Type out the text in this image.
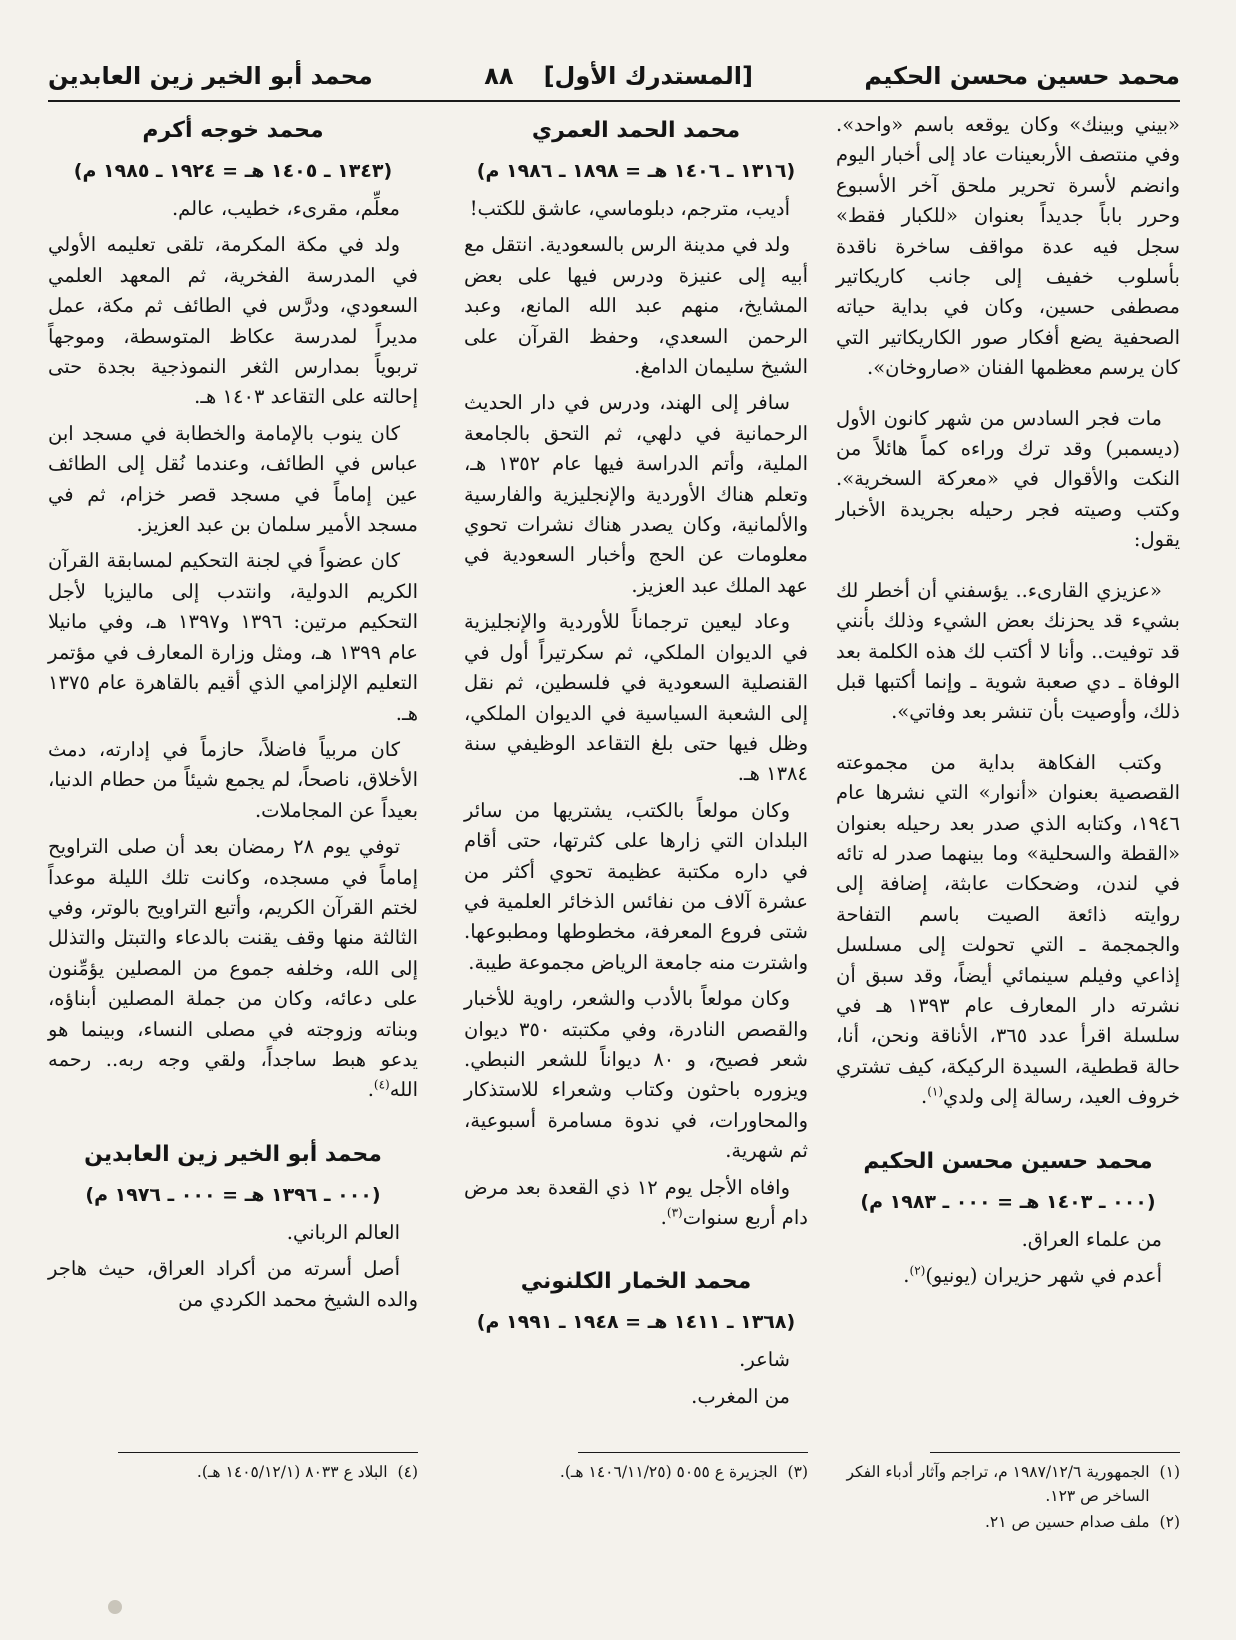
محمد حسين محسن الحكيم
[المستدرك الأول]
٨٨
محمد أبو الخير زين العابدين

«بيني وبينك» وكان يوقعه باسم «واحد». وفي منتصف الأربعينات عاد إلى أخبار اليوم وانضم لأسرة تحرير ملحق آخر الأسبوع وحرر باباً جديداً بعنوان «للكبار فقط» سجل فيه عدة مواقف ساخرة ناقدة بأسلوب خفيف إلى جانب كاريكاتير مصطفى حسين، وكان في بداية حياته الصحفية يضع أفكار صور الكاريكاتير التي كان يرسم معظمها الفنان «صاروخان».

مات فجر السادس من شهر كانون الأول (ديسمبر) وقد ترك وراءه كماً هائلاً من النكت والأقوال في «معركة السخرية». وكتب وصيته فجر رحيله بجريدة الأخبار يقول:

«عزيزي القارىء.. يؤسفني أن أخطر لك بشيء قد يحزنك بعض الشيء وذلك بأنني قد توفيت.. وأنا لا أكتب لك هذه الكلمة بعد الوفاة ـ دي صعبة شوية ـ وإنما أكتبها قبل ذلك، وأوصيت بأن تنشر بعد وفاتي».

وكتب الفكاهة بداية من مجموعته القصصية بعنوان «أنوار» التي نشرها عام ١٩٤٦، وكتابه الذي صدر بعد رحيله بعنوان «القطة والسحلية» وما بينهما صدر له تائه في لندن، وضحكات عابثة، إضافة إلى روايته ذائعة الصيت باسم التفاحة والجمجمة ـ التي تحولت إلى مسلسل إذاعي وفيلم سينمائي أيضاً، وقد سبق أن نشرته دار المعارف عام ١٣٩٣ هـ في سلسلة اقرأ عدد ٣٦٥، الأناقة ونحن، أنا، حالة قططية، السيدة الركيكة، كيف تشتري خروف العيد، رسالة إلى ولدي$^{(١)}$.

محمد حسين محسن الحكيم
(٠٠٠ ـ ١٤٠٣ هـ = ٠٠٠ ـ ١٩٨٣ م)

من علماء العراق.

أعدم في شهر حزيران (يونيو)$^{(٢)}$.

محمد الحمد العمري
(١٣١٦ ـ ١٤٠٦ هـ = ١٨٩٨ ـ ١٩٨٦ م)

أديب، مترجم، دبلوماسي، عاشق للكتب!

ولد في مدينة الرس بالسعودية. انتقل مع أبيه إلى عنيزة ودرس فيها على بعض المشايخ، منهم عبد الله المانع، وعبد الرحمن السعدي، وحفظ القرآن على الشيخ سليمان الدامغ.

سافر إلى الهند، ودرس في دار الحديث الرحمانية في دلهي، ثم التحق بالجامعة الملية، وأتم الدراسة فيها عام ١٣٥٢ هـ، وتعلم هناك الأوردية والإنجليزية والفارسية والألمانية، وكان يصدر هناك نشرات تحوي معلومات عن الحج وأخبار السعودية في عهد الملك عبد العزيز.

وعاد ليعين ترجماناً للأوردية والإنجليزية في الديوان الملكي، ثم سكرتيراً أول في القنصلية السعودية في فلسطين، ثم نقل إلى الشعبة السياسية في الديوان الملكي، وظل فيها حتى بلغ التقاعد الوظيفي سنة ١٣٨٤ هـ.

وكان مولعاً بالكتب، يشتريها من سائر البلدان التي زارها على كثرتها، حتى أقام في داره مكتبة عظيمة تحوي أكثر من عشرة آلاف من نفائس الذخائر العلمية في شتى فروع المعرفة، مخطوطها ومطبوعها. واشترت منه جامعة الرياض مجموعة طيبة.

وكان مولعاً بالأدب والشعر، راوية للأخبار والقصص النادرة، وفي مكتبته ٣٥٠ ديوان شعر فصيح، و ٨٠ ديواناً للشعر النبطي. ويزوره باحثون وكتاب وشعراء للاستذكار والمحاورات، في ندوة مسامرة أسبوعية، ثم شهرية.

وافاه الأجل يوم ١٢ ذي القعدة بعد مرض دام أربع سنوات$^{(٣)}$.

محمد الخمار الكلنوني
(١٣٦٨ ـ ١٤١١ هـ = ١٩٤٨ ـ ١٩٩١ م)

شاعر.

من المغرب.

محمد خوجه أكرم
(١٣٤٣ ـ ١٤٠٥ هـ = ١٩٢٤ ـ ١٩٨٥ م)

معلِّم، مقرىء، خطيب، عالم.

ولد في مكة المكرمة، تلقى تعليمه الأولي في المدرسة الفخرية، ثم المعهد العلمي السعودي، ودرَّس في الطائف ثم مكة، عمل مديراً لمدرسة عكاظ المتوسطة، وموجهاً تربوياً بمدارس الثغر النموذجية بجدة حتى إحالته على التقاعد ١٤٠٣ هـ.

كان ينوب بالإمامة والخطابة في مسجد ابن عباس في الطائف، وعندما نُقل إلى الطائف عين إماماً في مسجد قصر خزام، ثم في مسجد الأمير سلمان بن عبد العزيز.

كان عضواً في لجنة التحكيم لمسابقة القرآن الكريم الدولية، وانتدب إلى ماليزيا لأجل التحكيم مرتين: ١٣٩٦ و١٣٩٧ هـ، وفي مانيلا عام ١٣٩٩ هـ، ومثل وزارة المعارف في مؤتمر التعليم الإلزامي الذي أقيم بالقاهرة عام ١٣٧٥ هـ.

كان مربياً فاضلاً، حازماً في إدارته، دمث الأخلاق، ناصحاً، لم يجمع شيئاً من حطام الدنيا، بعيداً عن المجاملات.

توفي يوم ٢٨ رمضان بعد أن صلى التراويح إماماً في مسجده، وكانت تلك الليلة موعداً لختم القرآن الكريم، وأتبع التراويح بالوتر، وفي الثالثة منها وقف يقنت بالدعاء والتبتل والتذلل إلى الله، وخلفه جموع من المصلين يؤمِّنون على دعائه، وكان من جملة المصلين أبناؤه، وبناته وزوجته في مصلى النساء، وبينما هو يدعو هبط ساجداً، ولقي وجه ربه.. رحمه الله$^{(٤)}$.

محمد أبو الخير زين العابدين
(٠٠٠ ـ ١٣٩٦ هـ = ٠٠٠ ـ ١٩٧٦ م)

العالم الرباني.

أصل أسرته من أكراد العراق، حيث هاجر والده الشيخ محمد الكردي من

(١)
الجمهورية ١٩٨٧/١٢/٦ م، تراجم وآثار أدباء الفكر الساخر ص ١٢٣.
(٢)
ملف صدام حسين ص ٢١.
(٣)
الجزيرة ع ٥٠٥٥ (١٤٠٦/١١/٢٥ هـ).
(٤)
البلاد ع ٨٠٣٣ (١٤٠٥/١٢/١ هـ).
